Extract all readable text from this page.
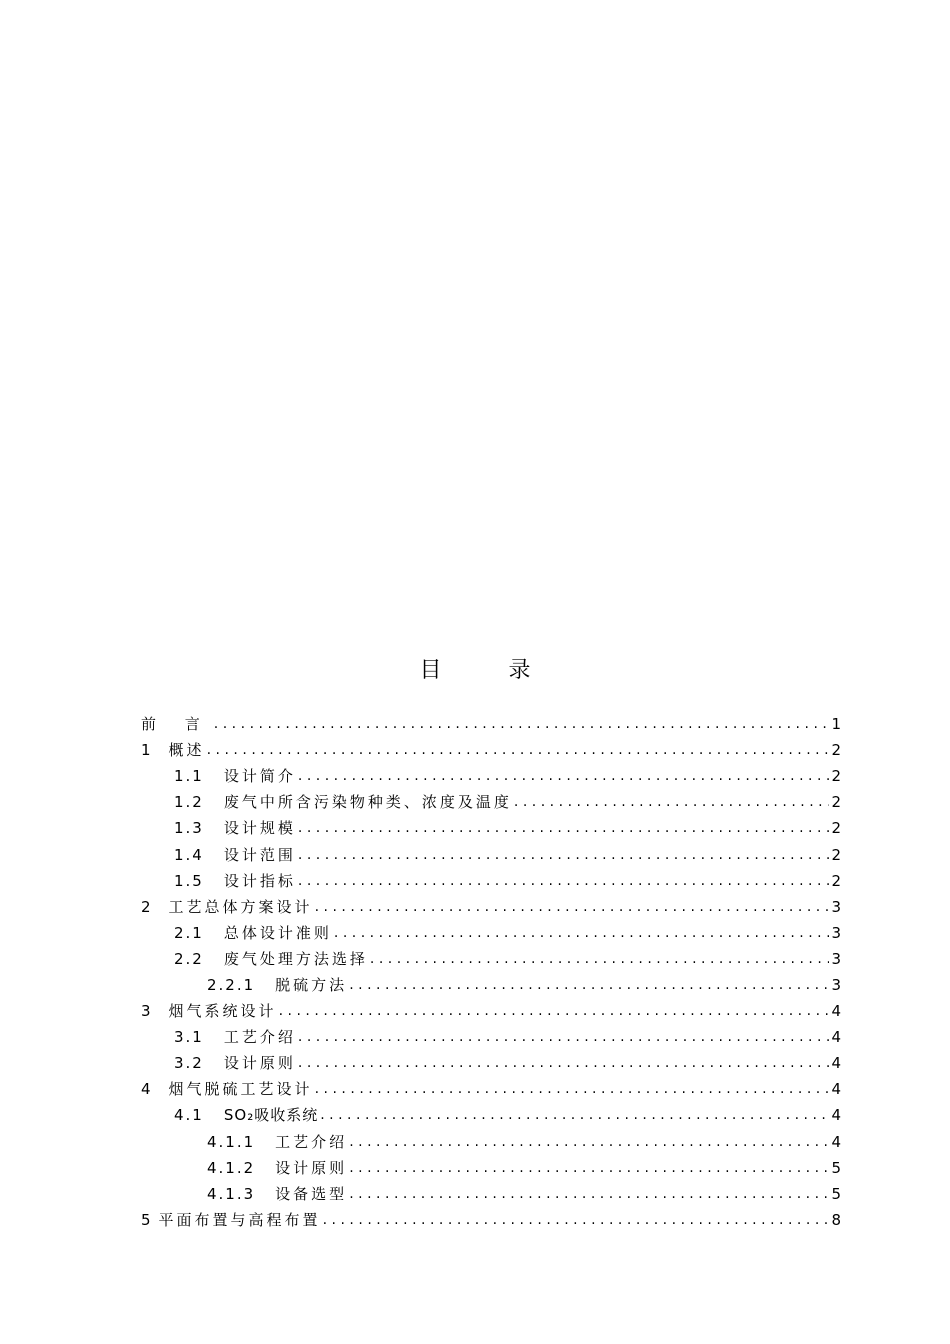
目 录
前 言 .....	1
1 概述 .....	2
1.1 设计简介 .....	2
1.2 废气中所含污染物种类、浓度及温度 .....	2
1.3 设计规模 .....	2
1.4 设计范围 .....	2
1.5 设计指标 .....	2
2 工艺总体方案设计 .....	3
2.1 总体设计准则 .....	3
2.2 废气处理方法选择 .....	3
2.2.1 脱硫方法 .....	3
3 烟气系统设计 .....	4
3.1 工艺介绍 .....	4
3.2 设计原则 .....	4
4 烟气脱硫工艺设计 .....	4
4.1 SO₂吸收系统 .....	4
4.1.1 工艺介绍 .....	4
4.1.2 设计原则 .....	5
4.1.3 设备选型 .....	5
5 平面布置与高程布置 .....	8
